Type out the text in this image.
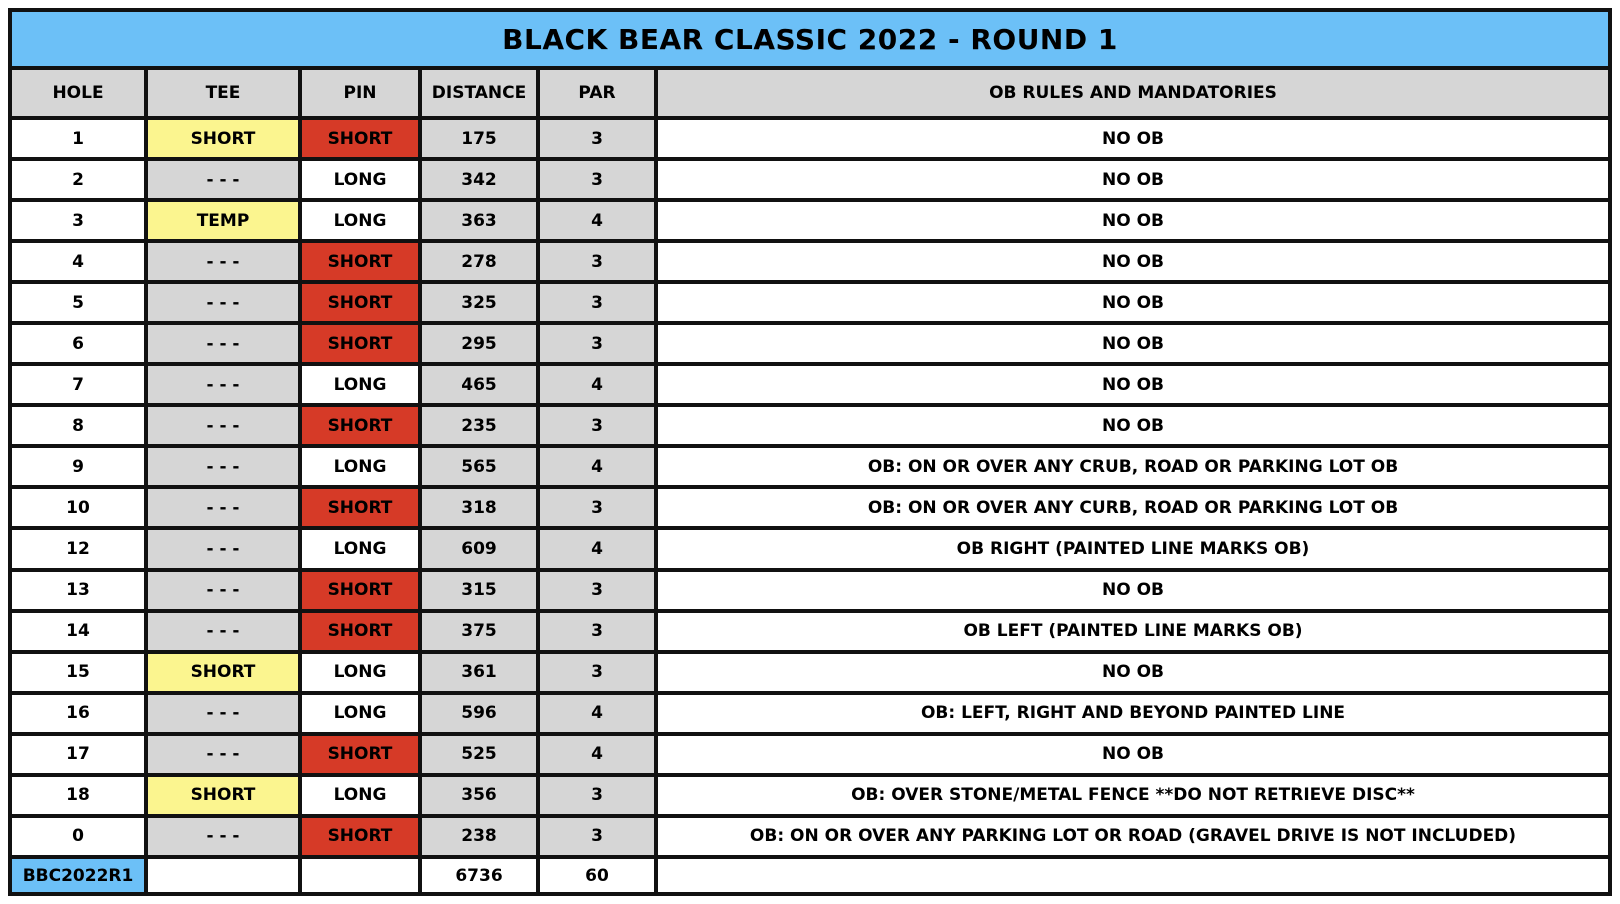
BLACK BEAR CLASSIC 2022 - ROUND 1					
HOLE	TEE	PIN	DISTANCE	PAR	OB RULES AND MANDATORIES
1	SHORT	SHORT	175	3	NO OB
2	- - -	LONG	342	3	NO OB
3	TEMP	LONG	363	4	NO OB
4	- - -	SHORT	278	3	NO OB
5	- - -	SHORT	325	3	NO OB
6	- - -	SHORT	295	3	NO OB
7	- - -	LONG	465	4	NO OB
8	- - -	SHORT	235	3	NO OB
9	- - -	LONG	565	4	OB: ON OR OVER ANY CRUB, ROAD OR PARKING LOT OB
10	- - -	SHORT	318	3	OB: ON OR OVER ANY CURB, ROAD OR PARKING LOT OB
12	- - -	LONG	609	4	OB RIGHT (PAINTED LINE MARKS OB)
13	- - -	SHORT	315	3	NO OB
14	- - -	SHORT	375	3	OB LEFT (PAINTED LINE MARKS OB)
15	SHORT	LONG	361	3	NO OB
16	- - -	LONG	596	4	OB: LEFT, RIGHT AND BEYOND PAINTED LINE
17	- - -	SHORT	525	4	NO OB
18	SHORT	LONG	356	3	OB: OVER STONE/METAL FENCE **DO NOT RETRIEVE DISC**
0	- - -	SHORT	238	3	OB: ON OR OVER ANY PARKING LOT OR ROAD (GRAVEL DRIVE IS NOT INCLUDED)
BBC2022R1			6736	60	
